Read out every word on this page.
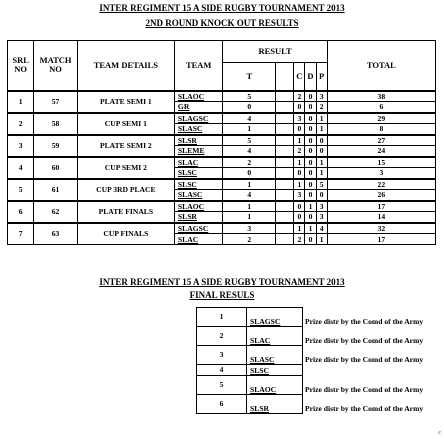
INTER REGIMENT 15 A SIDE RUGBY TOURNAMENT 2013
2ND ROUND KNOCK OUT RESULTS
SRL NO	MATCH NO	TEAM DETAILS	TEAM	RESULT					TOTAL
				T		C	D	P	
1	57	PLATE SEMI 1	SLAOC	5		2	0	3	38
			GR	0		0	0	2	6
2	58	CUP SEMI 1	SLAGSC	4		3	0	1	29
			SLASC	1		0	0	1	8
3	59	PLATE SEMI 2	SLSR	5		1	0	0	27
			SLEME	4		2	0	0	24
4	60	CUP SEMI 2	SLAC	2		1	0	1	15
			SLSC	0		0	0	1	3
5	61	CUP 3RD PLACE	SLSC	1		1	0	5	22
			SLASC	4		3	0	0	26
6	62	PLATE FINALS	SLAOC	1		0	1	3	17
			SLSR	1		0	0	3	14
7	63	CUP FINALS	SLAGSC	3		1	1	4	32
			SLAC	2		2	0	1	17
INTER REGIMENT 15 A SIDE RUGBY TOURNAMENT 2013
FINAL RESULS
1	SLAGSC	Prize distr by the Comd of the Army
2	SLAC	Prize distr by the Comd of the Army
3	SLASC	Prize distr by the Comd of the Army
4	SLSC	
5	SLAOC	Prize distr by the Comd of the Army
6	SLSR	Prize distr by the Comd of the Army
c
